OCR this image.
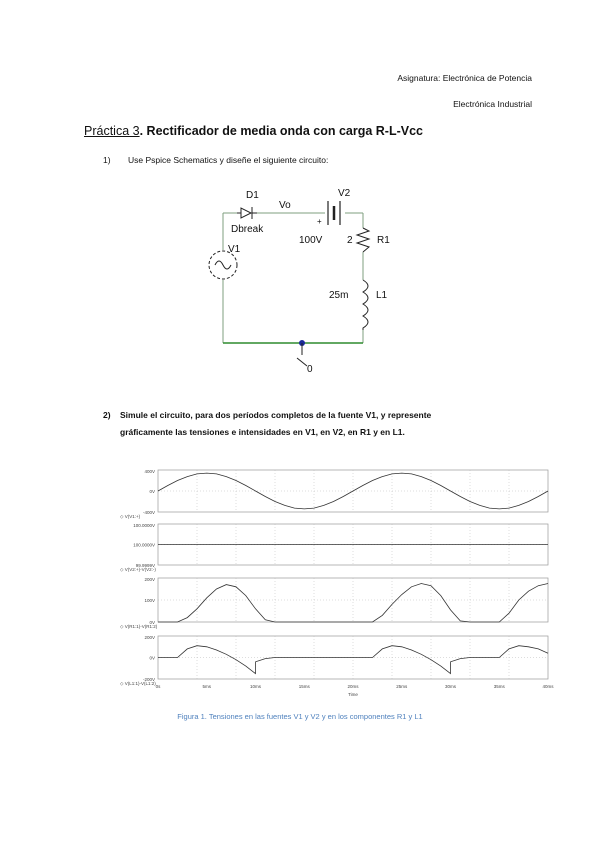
Asignatura: Electrónica de Potencia
Electrónica Industrial
Práctica 3. Rectificador de media onda con carga R-L-Vcc
1) Use Pspice Schematics y diseñe el siguiente circuito:
D1
Dbreak
Vo
V2
+
100V
V1
2 R1
25m	L1
0
2) Simule el circuito, para dos períodos completos de la fuente V1, y represente
gráficamente las tensiones e intensidades en V1, en V2, en R1 y en L1.
400V
0V
-400V
◇ V(V1:+)
100.0000V
100.0000V
99.9999V
◇ V(V2:+)-V(V2:-)
200V
100V
0V
◇ V(R1:1)-V(R1:2)
200V
0V
-200V
◇ V(L1:1)-V(L1:2)
0s	5ms	10ms	15ms	20ms	25ms	30ms	35ms	40ms
Time
Figura 1. Tensiones en las fuentes V1 y V2 y en los componentes R1 y L1
